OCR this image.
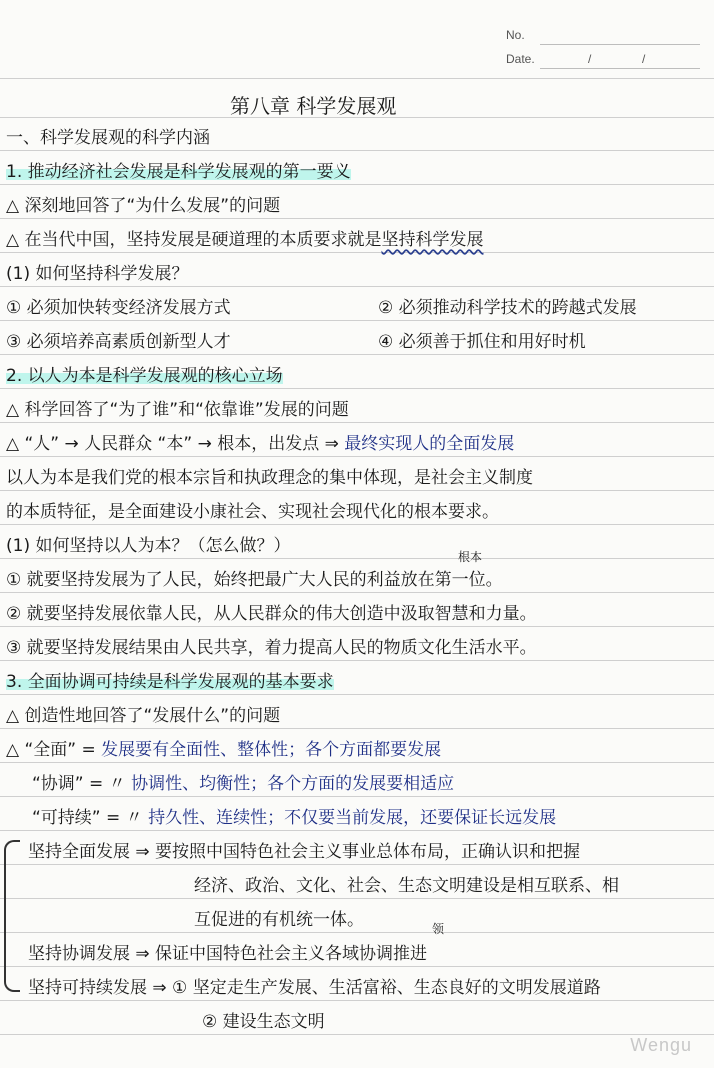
No.
Date.	/	/
第八章 科学发展观
一、科学发展观的科学内涵
1. 推动经济社会发展是科学发展观的第一要义
△ 深刻地回答了“为什么发展”的问题
△ 在当代中国，坚持发展是硬道理的本质要求就是坚持科学发展
(1) 如何坚持科学发展？
① 必须加快转变经济发展方式	② 必须推动科学技术的跨越式发展
③ 必须培养高素质创新型人才	④ 必须善于抓住和用好时机
2. 以人为本是科学发展观的核心立场
△ 科学回答了“为了谁”和“依靠谁”发展的问题
△ “人” → 人民群众 “本” → 根本，出发点 ⇒ 最终实现人的全面发展
以人为本是我们党的根本宗旨和执政理念的集中体现，是社会主义制度
的本质特征，是全面建设小康社会、实现社会现代化的根本要求。
(1) 如何坚持以人为本？（怎么做？）
根本
① 就要坚持发展为了人民，始终把最广大人民的利益放在第一位。
② 就要坚持发展依靠人民，从人民群众的伟大创造中汲取智慧和力量。
③ 就要坚持发展结果由人民共享，着力提高人民的物质文化生活水平。
3. 全面协调可持续是科学发展观的基本要求
△ 创造性地回答了“发展什么”的问题
△ “全面” = 发展要有全面性、整体性；各个方面都要发展
“协调” = 〃 协调性、均衡性；各个方面的发展要相适应
“可持续” = 〃 持久性、连续性；不仅要当前发展，还要保证长远发展
坚持全面发展 ⇒ 要按照中国特色社会主义事业总体布局，正确认识和把握
经济、政治、文化、社会、生态文明建设是相互联系、相
互促进的有机统一体。	领
坚持协调发展 ⇒ 保证中国特色社会主义各域协调推进
坚持可持续发展 ⇒ ① 坚定走生产发展、生活富裕、生态良好的文明发展道路
② 建设生态文明
Wengu
